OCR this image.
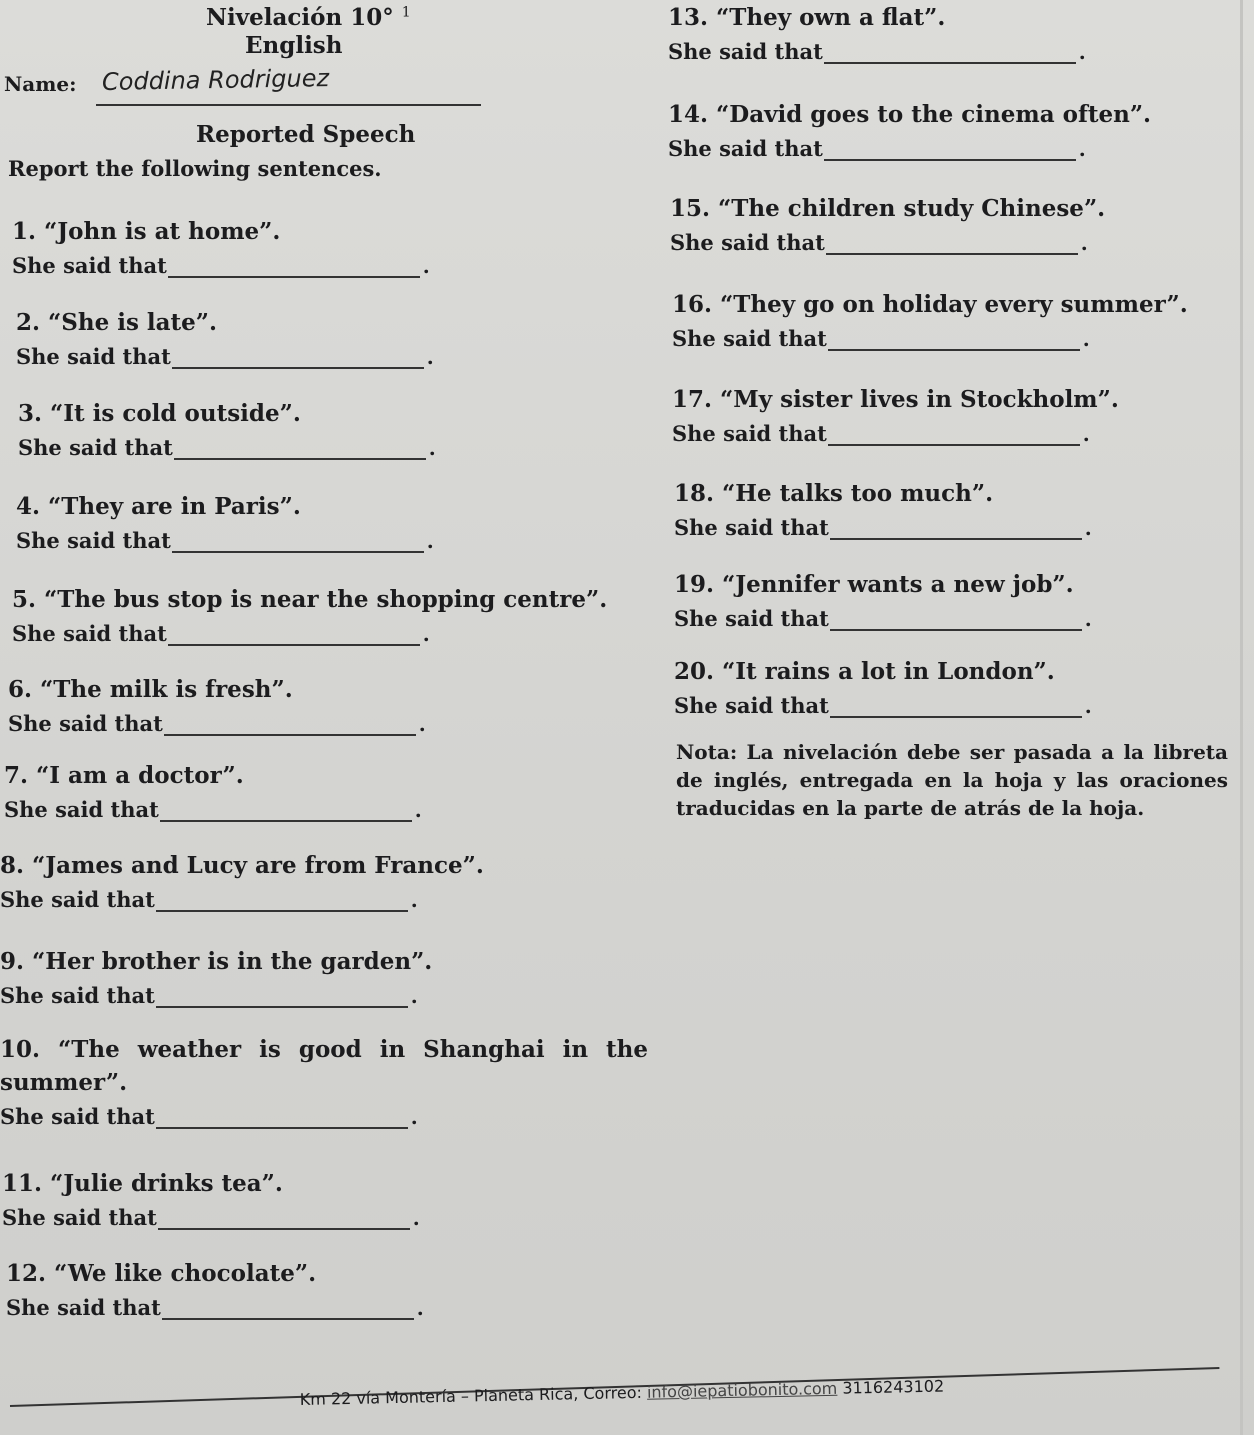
Nivelación 10° $^1$
English
Name: Coddina Rodriguez
Reported Speech
Report the following sentences.
1. “John is at home”.
She said that	.
2. “She is late”.
She said that	.
3. “It is cold outside”.
She said that	.
4. “They are in Paris”.
She said that	.
5. “The bus stop is near the shopping centre”.
She said that	.
6. “The milk is fresh”.
She said that	.
7. “I am a doctor”.
She said that	.
8. “James and Lucy are from France”.
She said that	.
9. “Her brother is in the garden”.
She said that	.
10. “The weather is good in Shanghai in the
summer”.
She said that	.
11. “Julie drinks tea”.
She said that	.
12. “We like chocolate”.
She said that	.
13. “They own a flat”.
She said that	.
14. “David goes to the cinema often”.
She said that	.
15. “The children study Chinese”.
She said that	.
16. “They go on holiday every summer”.
She said that	.
17. “My sister lives in Stockholm”.
She said that	.
18. “He talks too much”.
She said that	.
19. “Jennifer wants a new job”.
She said that	.
20. “It rains a lot in London”.
She said that	.
Nota: La nivelación debe ser pasada a la libreta de inglés, entregada en la hoja y las oraciones traducidas en la parte de atrás de la hoja.
Km 22 vía Montería – Planeta Rica, Correo: info@iepatiobonito.com 3116243102
